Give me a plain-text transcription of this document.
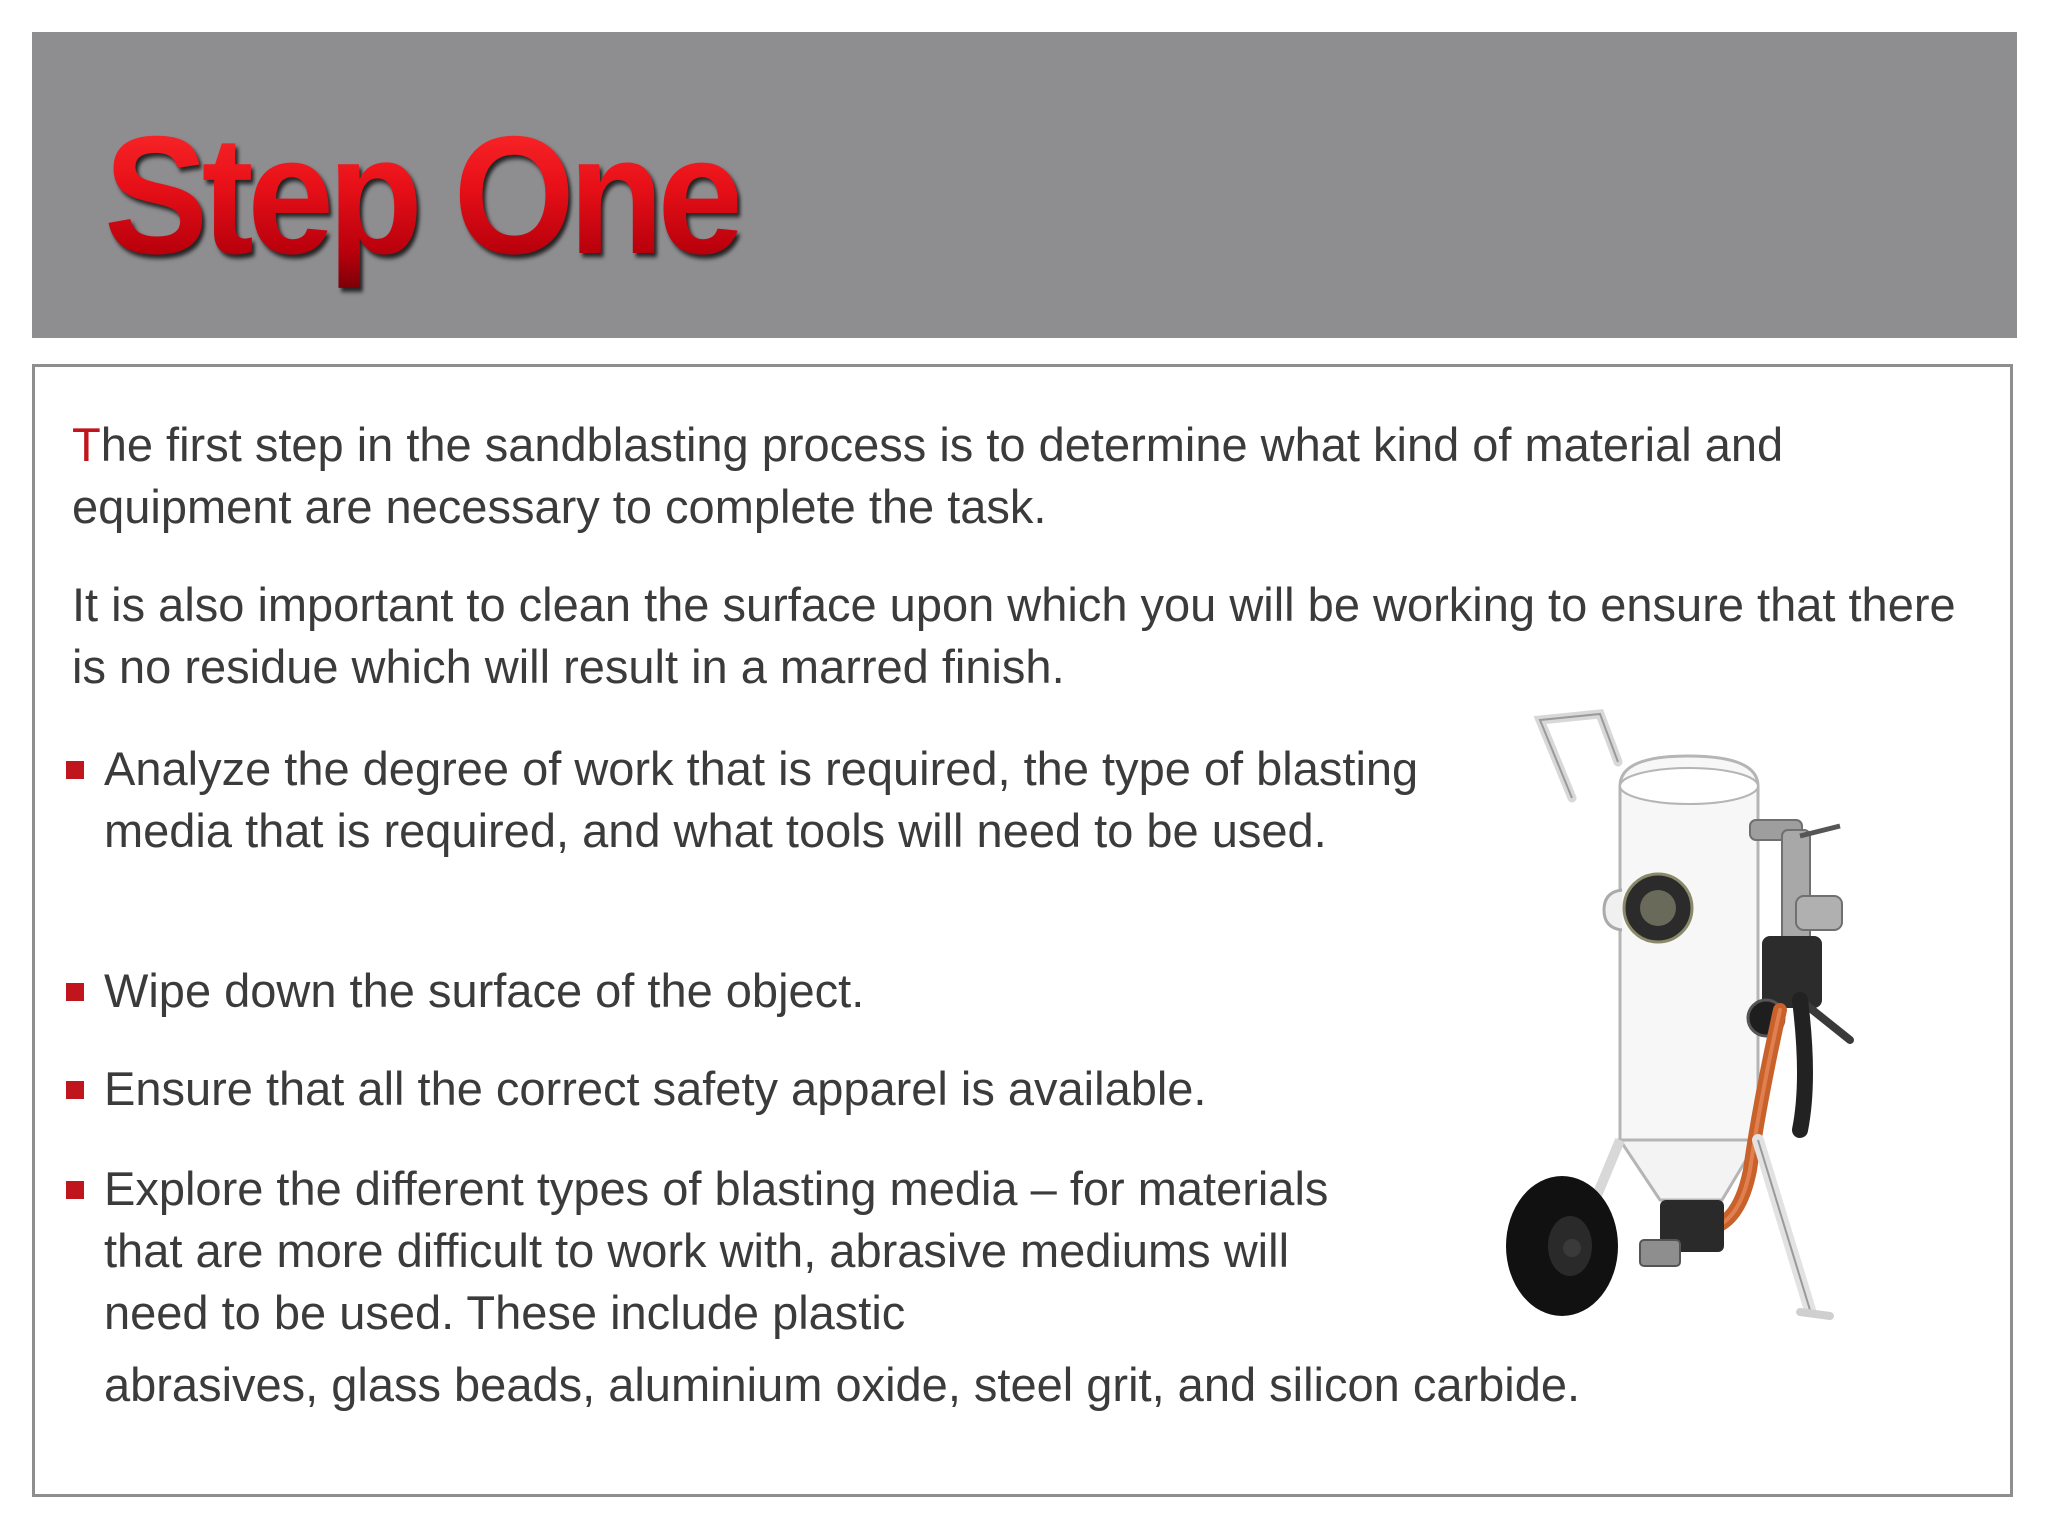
Step One

The first step in the sandblasting process is to determine what kind of material and equipment are necessary to complete the task.

It is also important to clean the surface upon which you will be working to ensure that there is no residue which will result in a marred finish.

Analyze the degree of work that is required, the type of blasting media that is required, and what tools will need to be used.

Wipe down the surface of the object.

Ensure that all the correct safety apparel is available.

Explore the different types of blasting media – for materials that are more difficult to work with, abrasive mediums will need to be used. These include plastic

abrasives, glass beads, aluminium oxide, steel grit, and silicon carbide.
